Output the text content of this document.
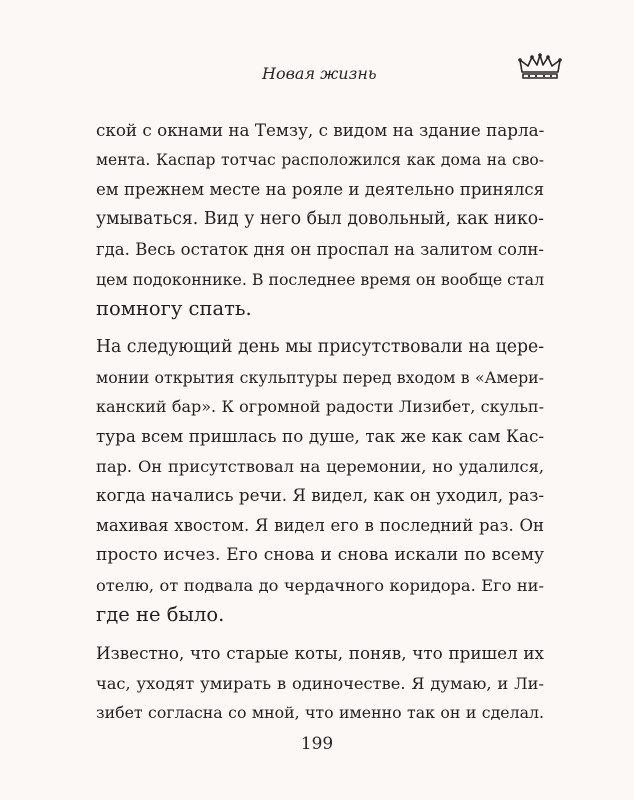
Новая жизнь

ской с окнами на Темзу, с видом на здание парла-
мента. Каспар тотчас расположился как дома на сво-
ем прежнем месте на рояле и деятельно принялся
умываться. Вид у него был довольный, как нико-
гда. Весь остаток дня он проспал на залитом солн-
цем подоконнике. В последнее время он вообще стал
помногу спать.

На следующий день мы присутствовали на цере-
монии открытия скульптуры перед входом в «Амери-
канский бар». К огромной радости Лизибет, скульп-
тура всем пришлась по душе, так же как сам Кас-
пар. Он присутствовал на церемонии, но удалился,
когда начались речи. Я видел, как он уходил, раз-
махивая хвостом. Я видел его в последний раз. Он
просто исчез. Его снова и снова искали по всему
отелю, от подвала до чердачного коридора. Его ни-
где не было.

Известно, что старые коты, поняв, что пришел их
час, уходят умирать в одиночестве. Я думаю, и Ли-
зибет согласна со мной, что именно так он и сделал.

199
